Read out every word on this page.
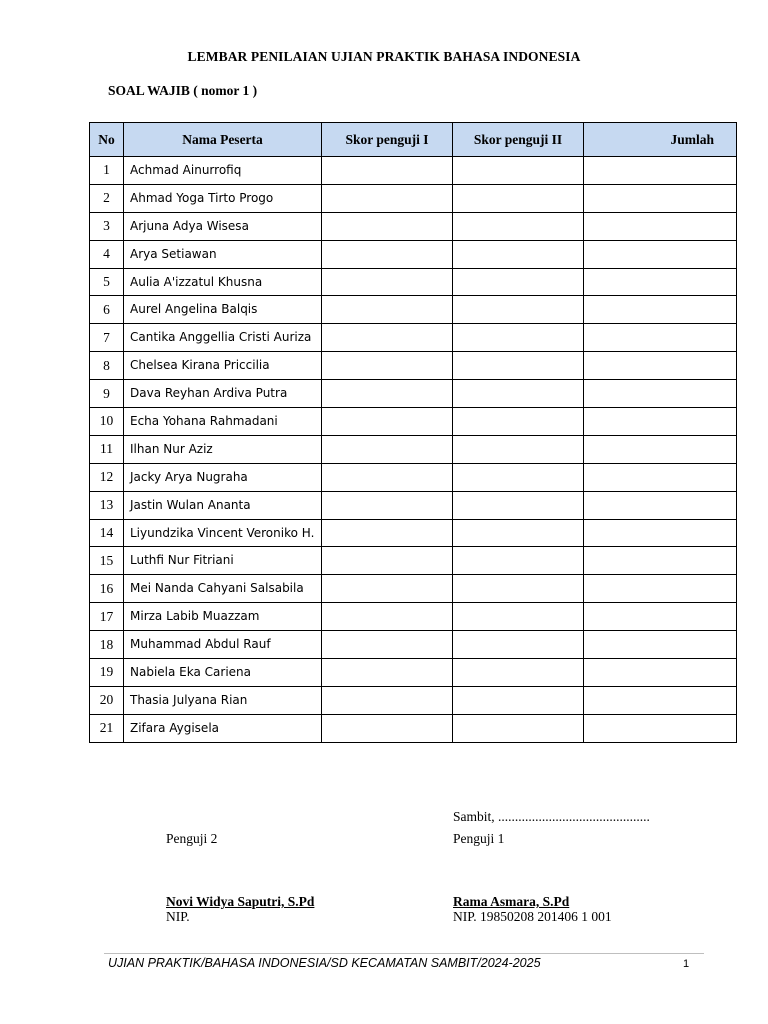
LEMBAR PENILAIAN UJIAN PRAKTIK BAHASA INDONESIA
SOAL WAJIB ( nomor 1 )
No	Nama Peserta	Skor penguji I	Skor penguji II	Jumlah
1	Achmad Ainurrofiq			
2	Ahmad Yoga Tirto Progo			
3	Arjuna Adya Wisesa			
4	Arya Setiawan			
5	Aulia A'izzatul Khusna			
6	Aurel Angelina Balqis			
7	Cantika Anggellia Cristi Auriza			
8	Chelsea Kirana Priccilia			
9	Dava Reyhan Ardiva Putra			
10	Echa Yohana Rahmadani			
11	Ilhan Nur Aziz			
12	Jacky Arya Nugraha			
13	Jastin Wulan Ananta			
14	Liyundzika Vincent Veroniko H.			
15	Luthfi Nur Fitriani			
16	Mei Nanda Cahyani Salsabila			
17	Mirza Labib Muazzam			
18	Muhammad Abdul Rauf			
19	Nabiela Eka Cariena			
20	Thasia Julyana Rian			
21	Zifara Aygisela			
Sambit, .............................................
Penguji 2	Penguji 1
Novi Widya Saputri, S.Pd
NIP.
Rama Asmara, S.Pd
NIP. 19850208 201406 1 001
UJIAN PRAKTIK/BAHASA INDONESIA/SD KECAMATAN SAMBIT/2024-2025	1
